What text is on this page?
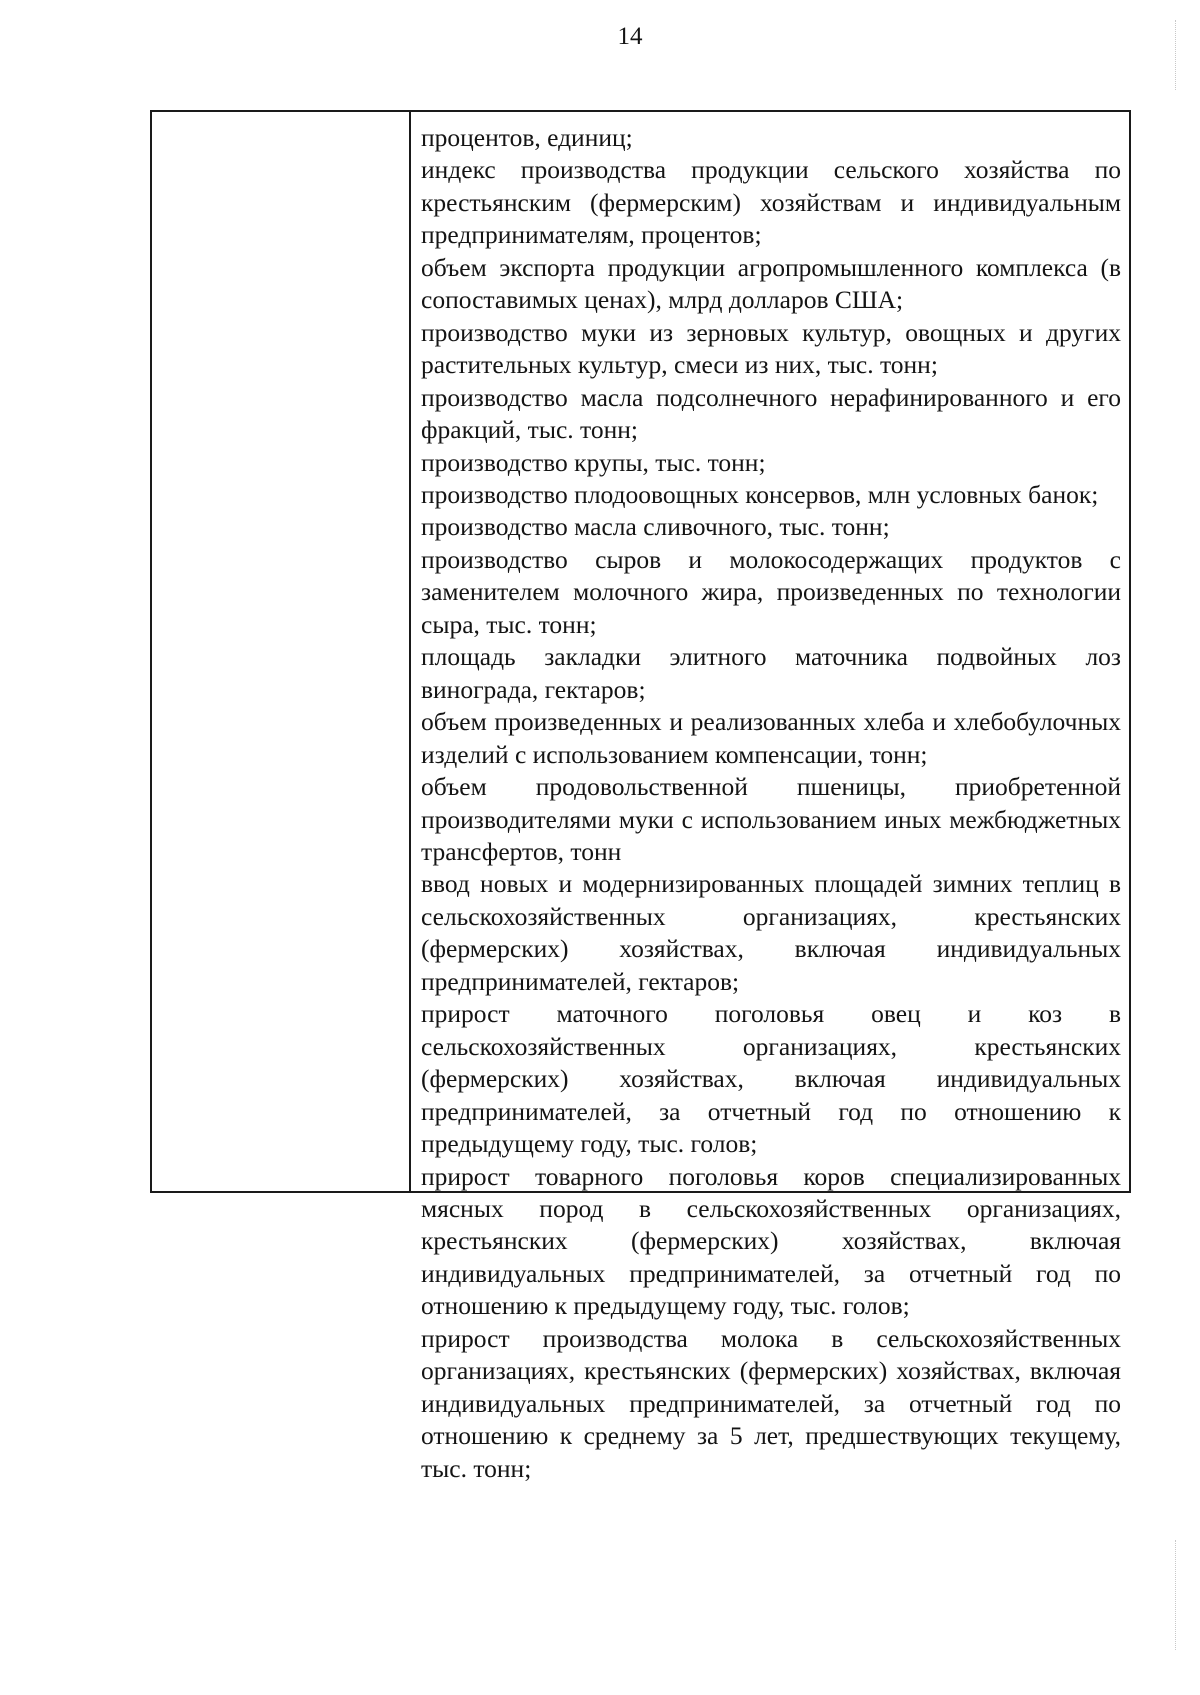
14

процентов, единиц;

индекс производства продукции сельского хозяйства по крестьянским (фермерским) хозяйствам и индивидуальным предпринимателям, процентов;

объем экспорта продукции агропромышленного комплекса (в сопоставимых ценах), млрд долларов США;

производство муки из зерновых культур, овощных и других растительных культур, смеси из них, тыс. тонн;

производство масла подсолнечного нерафинированного и его фракций, тыс. тонн;

производство крупы, тыс. тонн;

производство плодоовощных консервов, млн условных банок;

производство масла сливочного, тыс. тонн;

производство сыров и молокосодержащих продуктов с заменителем молочного жира, произведенных по технологии сыра, тыс. тонн;

площадь закладки элитного маточника подвойных лоз винограда, гектаров;

объем произведенных и реализованных хлеба и хлебобулочных изделий с использованием компенсации, тонн;

объем продовольственной пшеницы, приобретенной производителями муки с использованием иных межбюджетных трансфертов, тонн

ввод новых и модернизированных площадей зимних теплиц в сельскохозяйственных организациях, крестьянских (фермерских) хозяйствах, включая индивидуальных предпринимателей, гектаров;

прирост маточного поголовья овец и коз в сельскохозяйственных организациях, крестьянских (фермерских) хозяйствах, включая индивидуальных предпринимателей, за отчетный год по отношению к предыдущему году, тыс. голов;

прирост товарного поголовья коров специализированных мясных пород в сельскохозяйственных организациях, крестьянских (фермерских) хозяйствах, включая индивидуальных предпринимателей, за отчетный год по отношению к предыдущему году, тыс. голов;

прирост производства молока в сельскохозяйственных организациях, крестьянских (фермерских) хозяйствах, включая индивидуальных предпринимателей, за отчетный год по отношению к среднему за 5 лет, предшествующих текущему, тыс. тонн;
